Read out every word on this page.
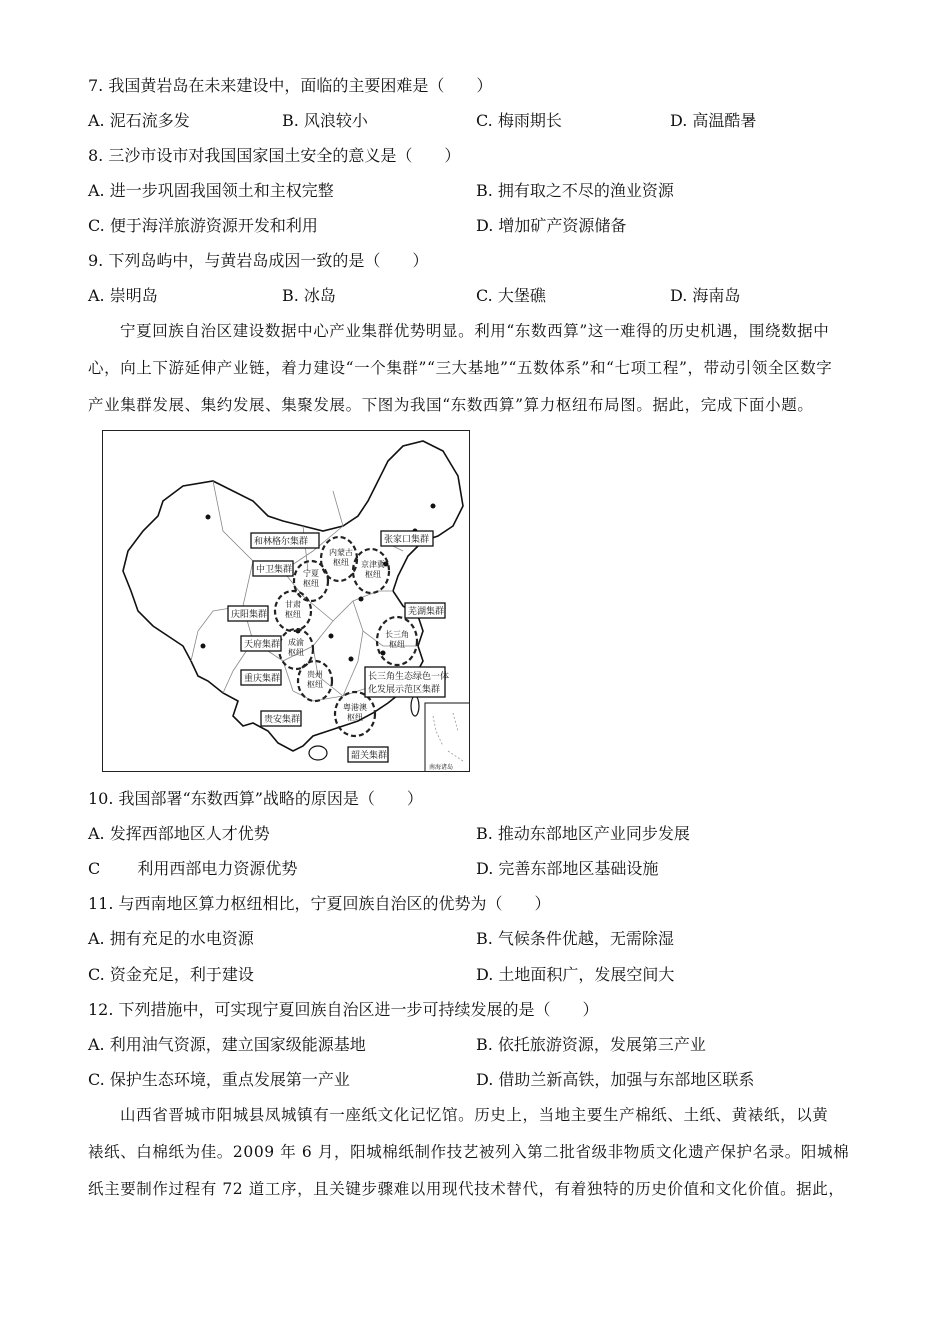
7. 我国黄岩岛在未来建设中，面临的主要困难是（　　）
A. 泥石流多发	B. 风浪较小	C. 梅雨期长	D. 高温酷暑
8. 三沙市设市对我国国家国土安全的意义是（　　）
A. 进一步巩固我国领土和主权完整	B. 拥有取之不尽的渔业资源
C. 便于海洋旅游资源开发和利用	D. 增加矿产资源储备
9. 下列岛屿中，与黄岩岛成因一致的是（　　）
A. 崇明岛	B. 冰岛	C. 大堡礁	D. 海南岛
宁夏回族自治区建设数据中心产业集群优势明显。利用“东数西算”这一难得的历史机遇，围绕数据中
心，向上下游延伸产业链，着力建设“一个集群”“三大基地”“五数体系”和“七项工程”，带动引领全区数字
产业集群发展、集约发展、集聚发展。下图为我国“东数西算”算力枢纽布局图。据此，完成下面小题。
内蒙古
枢纽 京津冀
枢纽
宁夏
枢纽
甘肃
枢纽
成渝
枢纽
长三角
枢纽
贵州
枢纽
粤港澳
枢纽
和林格尔集群	张家口集群
中卫集群
庆阳集群
天府集群
芜湖集群
重庆集群	长三角生态绿色一体
化发展示范区集群
贵安集群
韶关集群
南海诸岛
10. 我国部署“东数西算”战略的原因是（　　）
A. 发挥西部地区人才优势	B. 推动东部地区产业同步发展
C　　 利用西部电力资源优势	D. 完善东部地区基础设施
11. 与西南地区算力枢纽相比，宁夏回族自治区的优势为（　　）
A. 拥有充足的水电资源	B. 气候条件优越，无需除湿
C. 资金充足，利于建设	D. 土地面积广，发展空间大
12. 下列措施中，可实现宁夏回族自治区进一步可持续发展的是（　　）
A. 利用油气资源，建立国家级能源基地	B. 依托旅游资源，发展第三产业
C. 保护生态环境，重点发展第一产业	D. 借助兰新高铁，加强与东部地区联系
山西省晋城市阳城县凤城镇有一座纸文化记忆馆。历史上，当地主要生产棉纸、土纸、黄裱纸，以黄
裱纸、白棉纸为佳。2009 年 6 月，阳城棉纸制作技艺被列入第二批省级非物质文化遗产保护名录。阳城棉
纸主要制作过程有 72 道工序，且关键步骤难以用现代技术替代，有着独特的历史价值和文化价值。据此，
